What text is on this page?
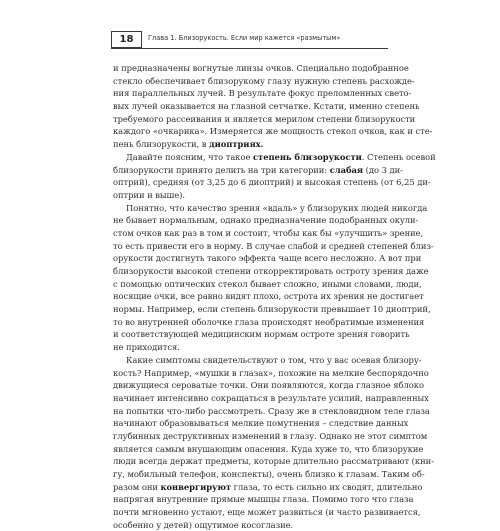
18	Глава 1. Близорукость. Если мир кажется «размытым»
и предназначены вогнутые линзы очков. Специально подобранное
стекло обеспечивает близорукому глазу нужную степень расхожде-
ния параллельных лучей. В результате фокус преломленных свето-
вых лучей оказывается на глазной сетчатке. Кстати, именно степень
требуемого рассеивания и является мерилом степени близорукости
каждого «очкарика». Измеряется же мощность стекол очков, как и сте-
пень близорукости, в диоптриях.
Давайте поясним, что такое степень близорукости. Степень осевой
близорукости принято делить на три категории: слабая (до 3 ди-
оптрий), средняя (от 3,25 до 6 диоптрий) и высокая степень (от 6,25 ди-
оптрии и выше).
Понятно, что качество зрения «вдаль» у близоруких людей никогда
не бывает нормальным, однако предназначение подобранных окули-
стом очков как раз в том и состоит, чтобы как бы «улучшить» зрение,
то есть привести его в норму. В случае слабой и средней степеней близ-
орукости достигнуть такого эффекта чаще всего несложно. А вот при
близорукости высокой степени откорректировать остроту зрения даже
с помощью оптических стекол бывает сложно, иными словами, люди,
носящие очки, все равно видят плохо, острота их зрения не достигает
нормы. Например, если степень близорукости превышает 10 диоптрий,
то во внутренней оболочке глаза происходят необратимые изменения
и соответствующей медицинским нормам остроте зрения говорить
не приходится.
Какие симптомы свидетельствуют о том, что у вас осевая близору-
кость? Например, «мушки в глазах», похожие на мелкие беспорядочно
движущиеся сероватые точки. Они появляются, когда глазное яблоко
начинает интенсивно сокращаться в результате усилий, направленных
на попытки что-либо рассмотреть. Сразу же в стекловидном теле глаза
начинают образовываться мелкие помутнения – следствие данных
глубинных деструктивных изменений в глазу. Однако не этот симптом
является самым внушающим опасения. Куда хуже то, что близорукие
люди всегда держат предметы, которые длительно рассматривают (кни-
гу, мобильный телефон, конспекты), очень близко к глазам. Таким об-
разом они конвергируют глаза, то есть сильно их сводят, длительно
напрягая внутренние прямые мышцы глаза. Помимо того что глаза
почти мгновенно устают, еще может развиться (и часто развивается,
особенно у детей) ощутимое косоглазие.
